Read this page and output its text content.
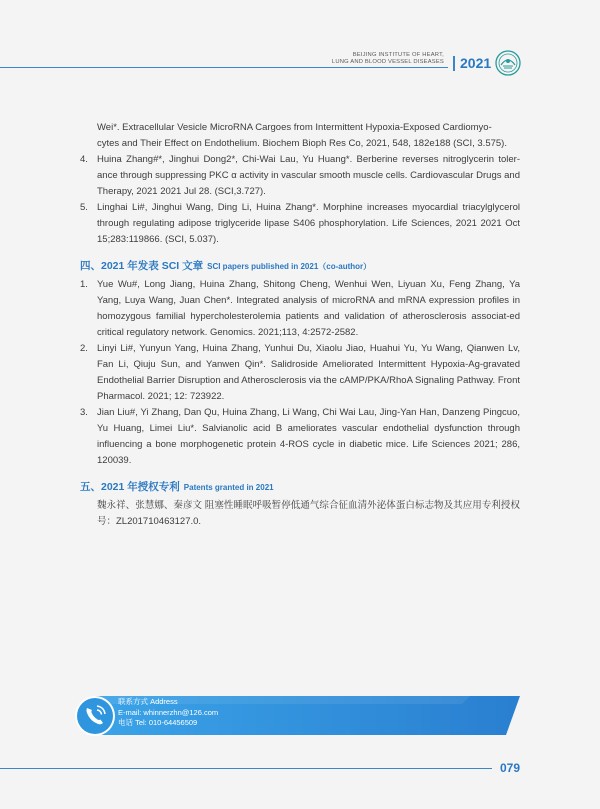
BEIJING INSTITUTE OF HEART,
LUNG AND BLOOD VESSEL DISEASES 2021
Wei*. Extracellular Vesicle MicroRNA Cargoes from Intermittent Hypoxia-Exposed Cardiomyo-
cytes and Their Effect on Endothelium. Biochem Bioph Res Co, 2021, 548, 182e188 (SCI, 3.575).
4. Huina Zhang#*, Jinghui Dong2*, Chi-Wai Lau, Yu Huang*. Berberine reverses nitroglycerin toler-ance through suppressing PKC α activity in vascular smooth muscle cells. Cardiovascular Drugs and Therapy, 2021 2021 Jul 28. (SCI,3.727).
5. Linghai Li#, Jinghui Wang, Ding Li, Huina Zhang*. Morphine increases myocardial triacylglycerol through regulating adipose triglyceride lipase S406 phosphorylation. Life Sciences, 2021 2021 Oct 15;283:119866. (SCI, 5.037).
四、2021 年发表 SCI 文章 SCI papers published in 2021（co-author）
1. Yue Wu#, Long Jiang, Huina Zhang, Shitong Cheng, Wenhui Wen, Liyuan Xu, Feng Zhang, Ya Yang, Luya Wang, Juan Chen*. Integrated analysis of microRNA and mRNA expression profiles in homozygous familial hypercholesterolemia patients and validation of atherosclerosis associat-ed critical regulatory network. Genomics. 2021;113, 4:2572-2582.
2. Linyi Li#, Yunyun Yang, Huina Zhang, Yunhui Du, Xiaolu Jiao, Huahui Yu, Yu Wang, Qianwen Lv, Fan Li, Qiuju Sun, and Yanwen Qin*. Salidroside Ameliorated Intermittent Hypoxia-Ag-gravated Endothelial Barrier Disruption and Atherosclerosis via the cAMP/PKA/RhoA Signaling Pathway. Front Pharmacol. 2021; 12: 723922.
3. Jian Liu#, Yi Zhang, Dan Qu, Huina Zhang, Li Wang, Chi Wai Lau, Jing-Yan Han, Danzeng Pingcuo, Yu Huang, Limei Liu*. Salvianolic acid B ameliorates vascular endothelial dysfunction through influencing a bone morphogenetic protein 4-ROS cycle in diabetic mice. Life Sciences 2021; 286, 120039.
五、2021 年授权专利 Patents granted in 2021
魏永祥、张慧娜、秦彦文 阻塞性睡眠呼吸暂停低通气综合征血清外泌体蛋白标志物及其应用专利授权号：ZL201710463127.0.
联系方式 Address
E-mail: whinnerzhn@126.com
电话 Tel: 010-64456509
079
